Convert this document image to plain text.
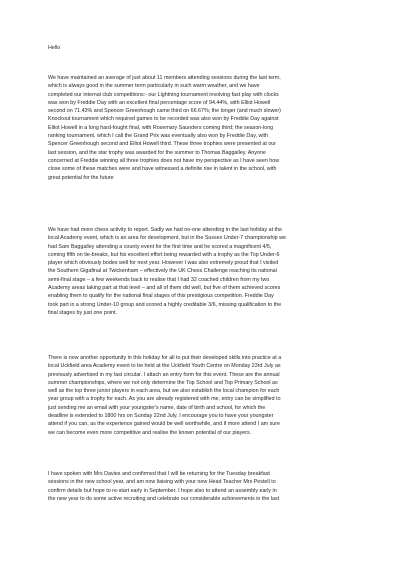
Hello
We have maintained an average of just about 11 members attending sessions during the last term,
which is always good in the summer term particularly in such warm weather, and we have
completed our internal club competitions:- our Lightning tournament involving fast play with clocks
was won by Freddie Day with an excellent final percentage score of 94.44%, with Elliot Howell
second on 71.43% and Spencer Greenhough came third on 66.67%; the longer (and much slower)
Knockout tournament which required games to be recorded was also won by Freddie Day against
Elliot Howell in a long hard-fought final, with Rosemary Saunders coming third; the season-long
ranking tournament, which I call the Grand Prix was eventually also won by Freddie Day, with
Spencer Greenhough second and Elliot Howell third. These three trophies were presented at our
last session, and the star trophy was awarded for the summer to Thomas Baggalley. Anyone
concerned at Freddie winning all three trophies does not have my perspective as I have seen how
close some of these matches were and have witnessed a definite rise in talent in the school, with
great potential for the future
We have had more chess activity to report. Sadly we had no-one attending in the last holiday at the
local Academy event, which is an area for development, but in the Sussex Under-7 championship we
had Sam Baggalley attending a county event for the first time and he scored a magnificent 4/5,
coming fifth on tie-breaks, but his excellent effort being rewarded with a trophy as the Top Under-6
player which obviously bodes well for next year. However I was also extremely proud that I visited
the Southern Gigafinal at Twickenham – effectively the UK Chess Challenge reaching its national
semi-final stage – a few weekends back to realise that I had 32 coached children from my two
Academy areas taking part at that level – and all of them did well, but five of them achieved scores
enabling them to qualify for the national final stages of this prestigious competition. Freddie Day
took part in a strong Under-10 group and scored a highly creditable 3/6, missing qualification to the
final stages by just one point.
There is now another opportunity in this holiday for all to put their developed skills into practice at a
local Uckfield area Academy event to be held at the Uckfield Youth Centre on Monday 23rd July as
previously advertised in my last circular. I attach an entry form for this event. These are the annual
summer championships, where we not only determine the Top School and Top Primary School as
well as the top three junior players in each area, but we also establish the local champion for each
year group with a trophy for each. As you are already registered with me, entry can be simplified to
just sending me an email with your youngster's name, date of birth and school, for which the
deadline is extended to 1800 hrs on Sunday 22nd July. I encourage you to have your youngster
attend if you can, as the experience gained would be well worthwhile, and if more attend I am sure
we can become even more competitive and realise the known potential of our players.
I have spoken with Mrs Davies and confirmed that I will be returning for the Tuesday breakfast
sessions in the new school year, and am now liaising with your new Head Teacher Mrs Pestell to
confirm details but hope to re-start early in September. I hope also to attend an assembly early in
the new year to do some active recruiting and celebrate our considerable achievements in the last
